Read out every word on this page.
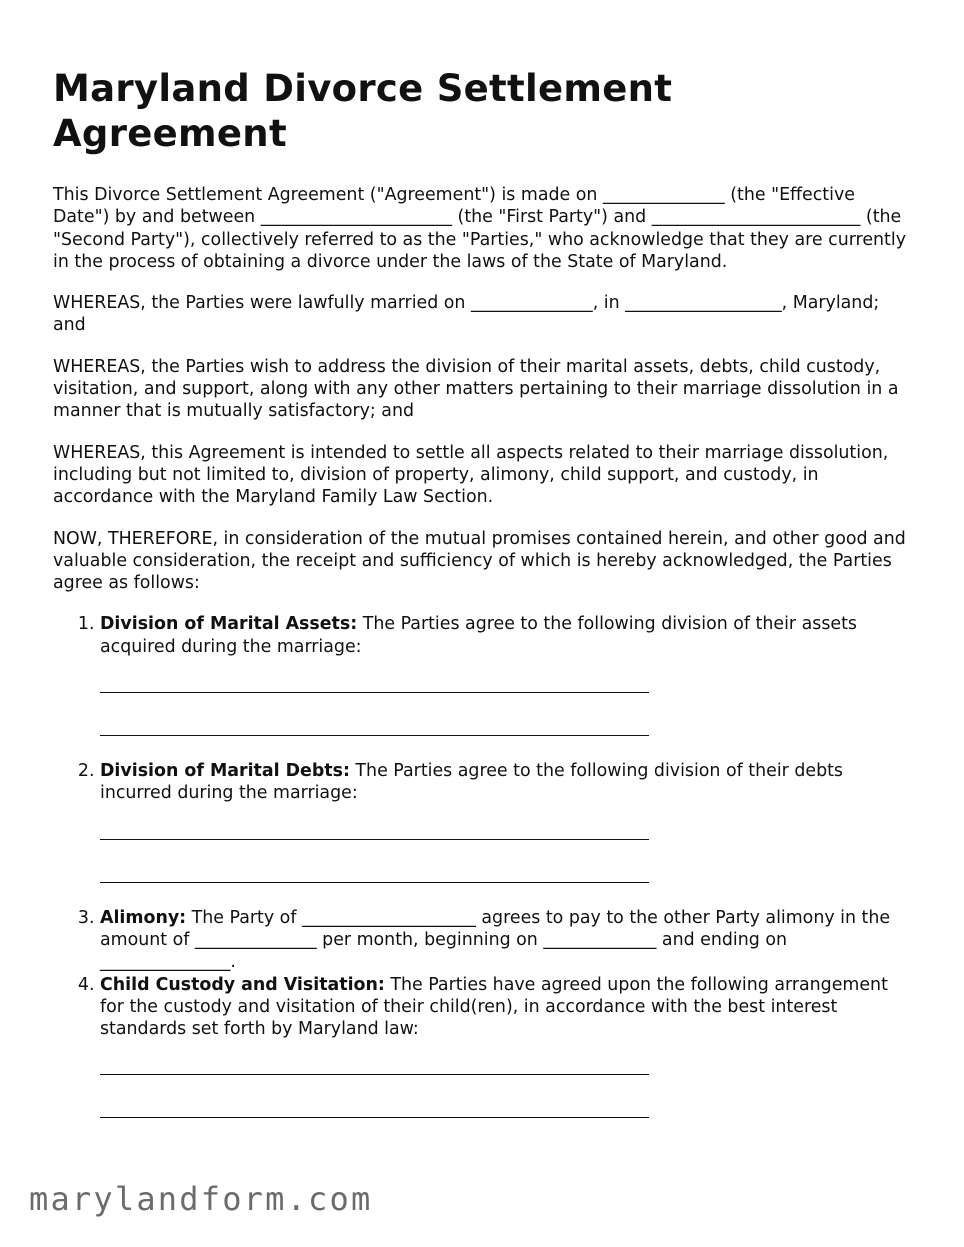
Maryland Divorce Settlement Agreement

This Divorce Settlement Agreement ("Agreement") is made on ______________ (the "Effective Date") by and between ______________________ (the "First Party") and ________________________ (the "Second Party"), collectively referred to as the "Parties," who acknowledge that they are currently in the process of obtaining a divorce under the laws of the State of Maryland.

WHEREAS, the Parties were lawfully married on ______________, in __________________, Maryland; and

WHEREAS, the Parties wish to address the division of their marital assets, debts, child custody, visitation, and support, along with any other matters pertaining to their marriage dissolution in a manner that is mutually satisfactory; and

WHEREAS, this Agreement is intended to settle all aspects related to their marriage dissolution, including but not limited to, division of property, alimony, child support, and custody, in accordance with the Maryland Family Law Section.

NOW, THEREFORE, in consideration of the mutual promises contained herein, and other good and valuable consideration, the receipt and sufficiency of which is hereby acknowledged, the Parties agree as follows:

1. Division of Marital Assets: The Parties agree to the following division of their assets acquired during the marriage:
2. Division of Marital Debts: The Parties agree to the following division of their debts incurred during the marriage:
3. Alimony: The Party of ____________________ agrees to pay to the other Party alimony in the amount of ______________ per month, beginning on _____________ and ending on _______________.
4. Child Custody and Visitation: The Parties have agreed upon the following arrangement for the custody and visitation of their child(ren), in accordance with the best interest standards set forth by Maryland law:
marylandform.com
